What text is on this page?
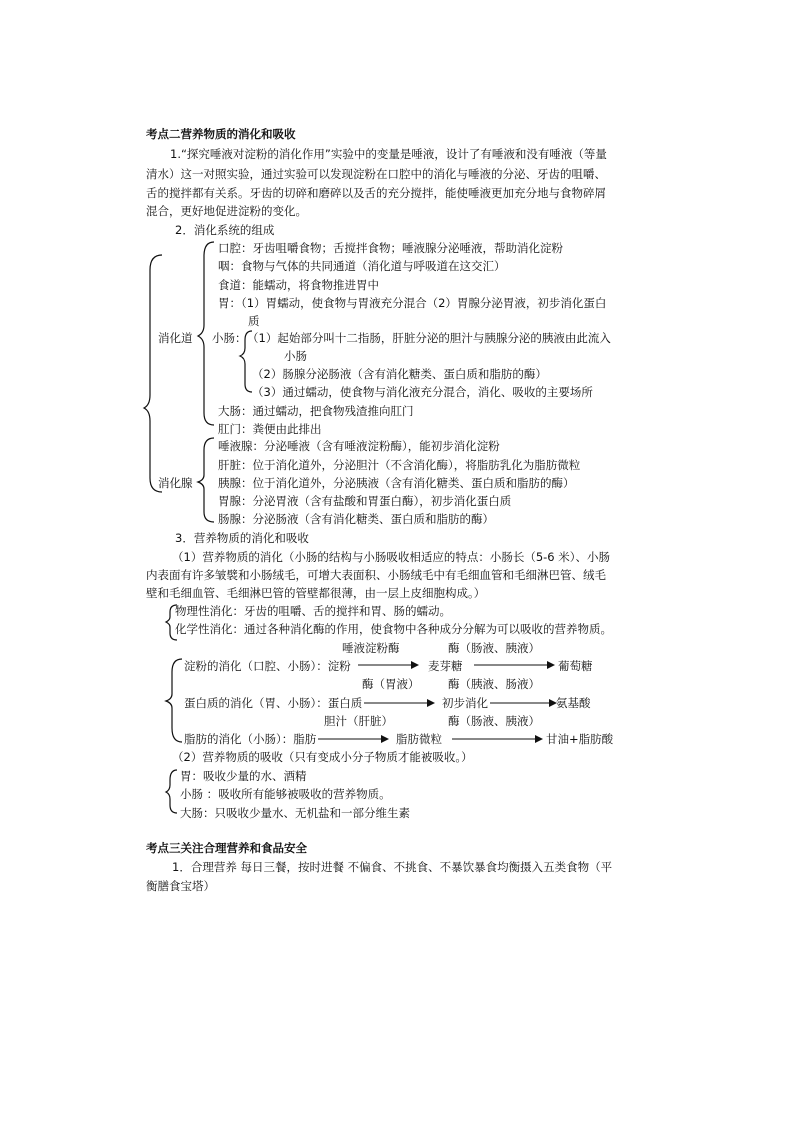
考点二营养物质的消化和吸收
1.“探究唾液对淀粉的消化作用”实验中的变量是唾液，设计了有唾液和没有唾液（等量
清水）这一对照实验，通过实验可以发现淀粉在口腔中的消化与唾液的分泌、牙齿的咀嚼、
舌的搅拌都有关系。牙齿的切碎和磨碎以及舌的充分搅拌，能使唾液更加充分地与食物碎屑
混合，更好地促进淀粉的变化。
2．消化系统的组成
口腔：牙齿咀嚼食物；舌搅拌食物；唾液腺分泌唾液，帮助消化淀粉
咽：食物与气体的共同通道（消化道与呼吸道在这交汇）
食道：能蠕动，将食物推进胃中
胃：（1）胃蠕动，使食物与胃液充分混合（2）胃腺分泌胃液，初步消化蛋白
质
消化道 小肠： （1）起始部分叫十二指肠，肝脏分泌的胆汁与胰腺分泌的胰液由此流入
小肠
（2）肠腺分泌肠液（含有消化糖类、蛋白质和脂肪的酶）
（3）通过蠕动，使食物与消化液充分混合，消化、吸收的主要场所
大肠：通过蠕动，把食物残渣推向肛门
肛门：粪便由此排出
唾液腺：分泌唾液（含有唾液淀粉酶），能初步消化淀粉
肝脏：位于消化道外，分泌胆汁（不含消化酶），将脂肪乳化为脂肪微粒
消化腺 胰腺：位于消化道外，分泌胰液（含有消化糖类、蛋白质和脂肪的酶）
胃腺：分泌胃液（含有盐酸和胃蛋白酶），初步消化蛋白质
肠腺：分泌肠液（含有消化糖类、蛋白质和脂肪的酶）
3．营养物质的消化和吸收
（1）营养物质的消化（小肠的结构与小肠吸收相适应的特点：小肠长（5-6 米）、小肠
内表面有许多皱襞和小肠绒毛，可增大表面积、小肠绒毛中有毛细血管和毛细淋巴管、绒毛
壁和毛细血管、毛细淋巴管的管壁都很薄，由一层上皮细胞构成。）
物理性消化：牙齿的咀嚼、舌的搅拌和胃、肠的蠕动。
化学性消化：通过各种消化酶的作用，使食物中各种成分分解为可以吸收的营养物质。
唾液淀粉酶	酶（肠液、胰液）
淀粉的消化（口腔、小肠）：淀粉	麦芽糖	葡萄糖
酶（胃液） 酶（胰液、肠液）
蛋白质的消化（胃、小肠）：蛋白质	初步消化	氨基酸
胆汁（肝脏）	酶（肠液、胰液）
脂肪的消化（小肠）：脂肪	脂肪微粒	甘油+脂肪酸
（2）营养物质的吸收（只有变成小分子物质才能被吸收。）
胃：吸收少量的水、酒精
小肠 ：吸收所有能够被吸收的营养物质。
大肠：只吸收少量水、无机盐和一部分维生素
考点三关注合理营养和食品安全
1．合理营养 每日三餐，按时进餐 不偏食、不挑食、不暴饮暴食均衡摄入五类食物（平
衡膳食宝塔）
